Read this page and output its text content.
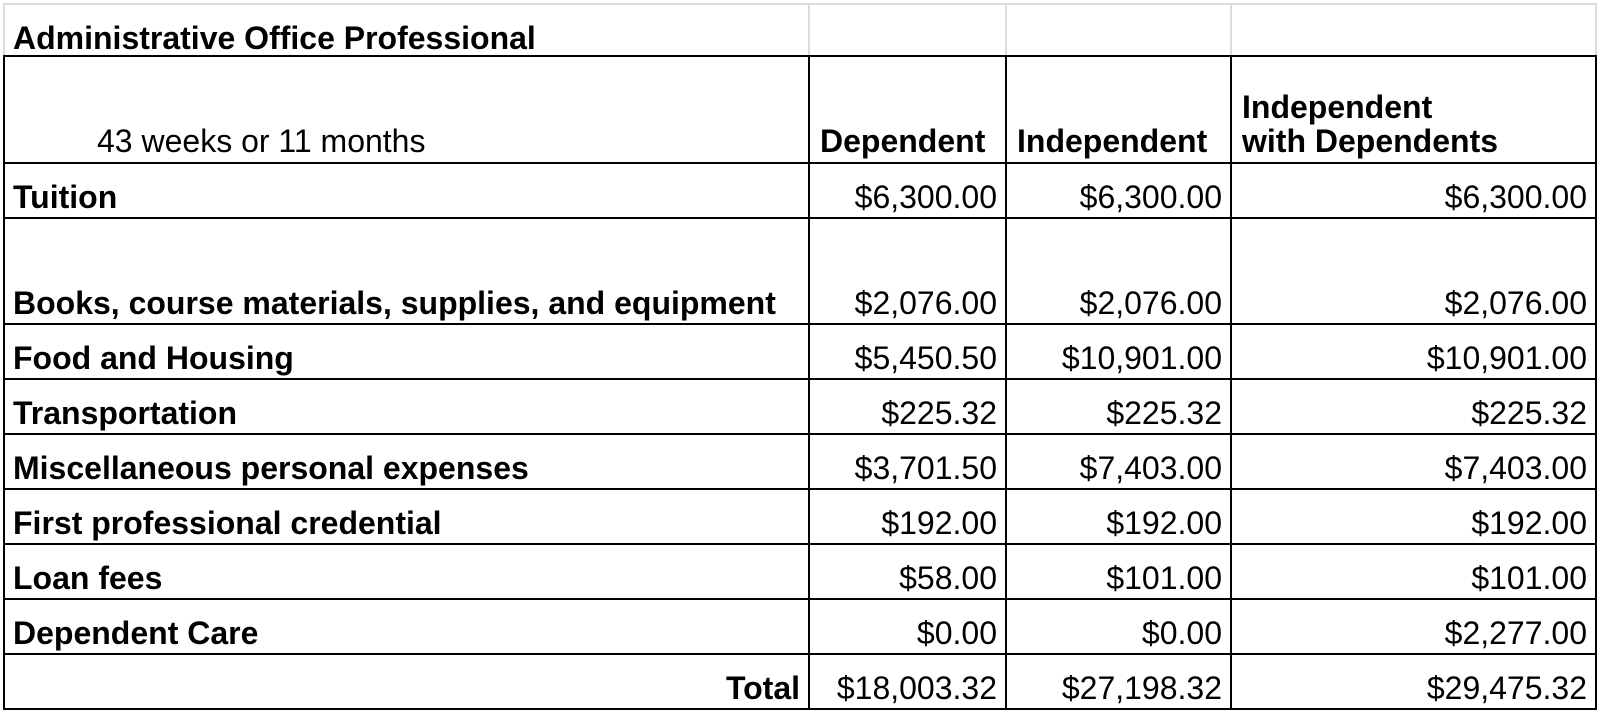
Administrative Office Professional			
43 weeks or 11 months	Dependent	Independent	Independent with Dependents

Tuition	$6,300.00	$6,300.00	$6,300.00
Books, course materials, supplies, and equipment	$2,076.00	$2,076.00	$2,076.00
Food and Housing	$5,450.50	$10,901.00	$10,901.00
Transportation	$225.32	$225.32	$225.32
Miscellaneous personal expenses	$3,701.50	$7,403.00	$7,403.00
First professional credential	$192.00	$192.00	$192.00
Loan fees	$58.00	$101.00	$101.00
Dependent Care	$0.00	$0.00	$2,277.00
Total	$18,003.32	$27,198.32	$29,475.32
